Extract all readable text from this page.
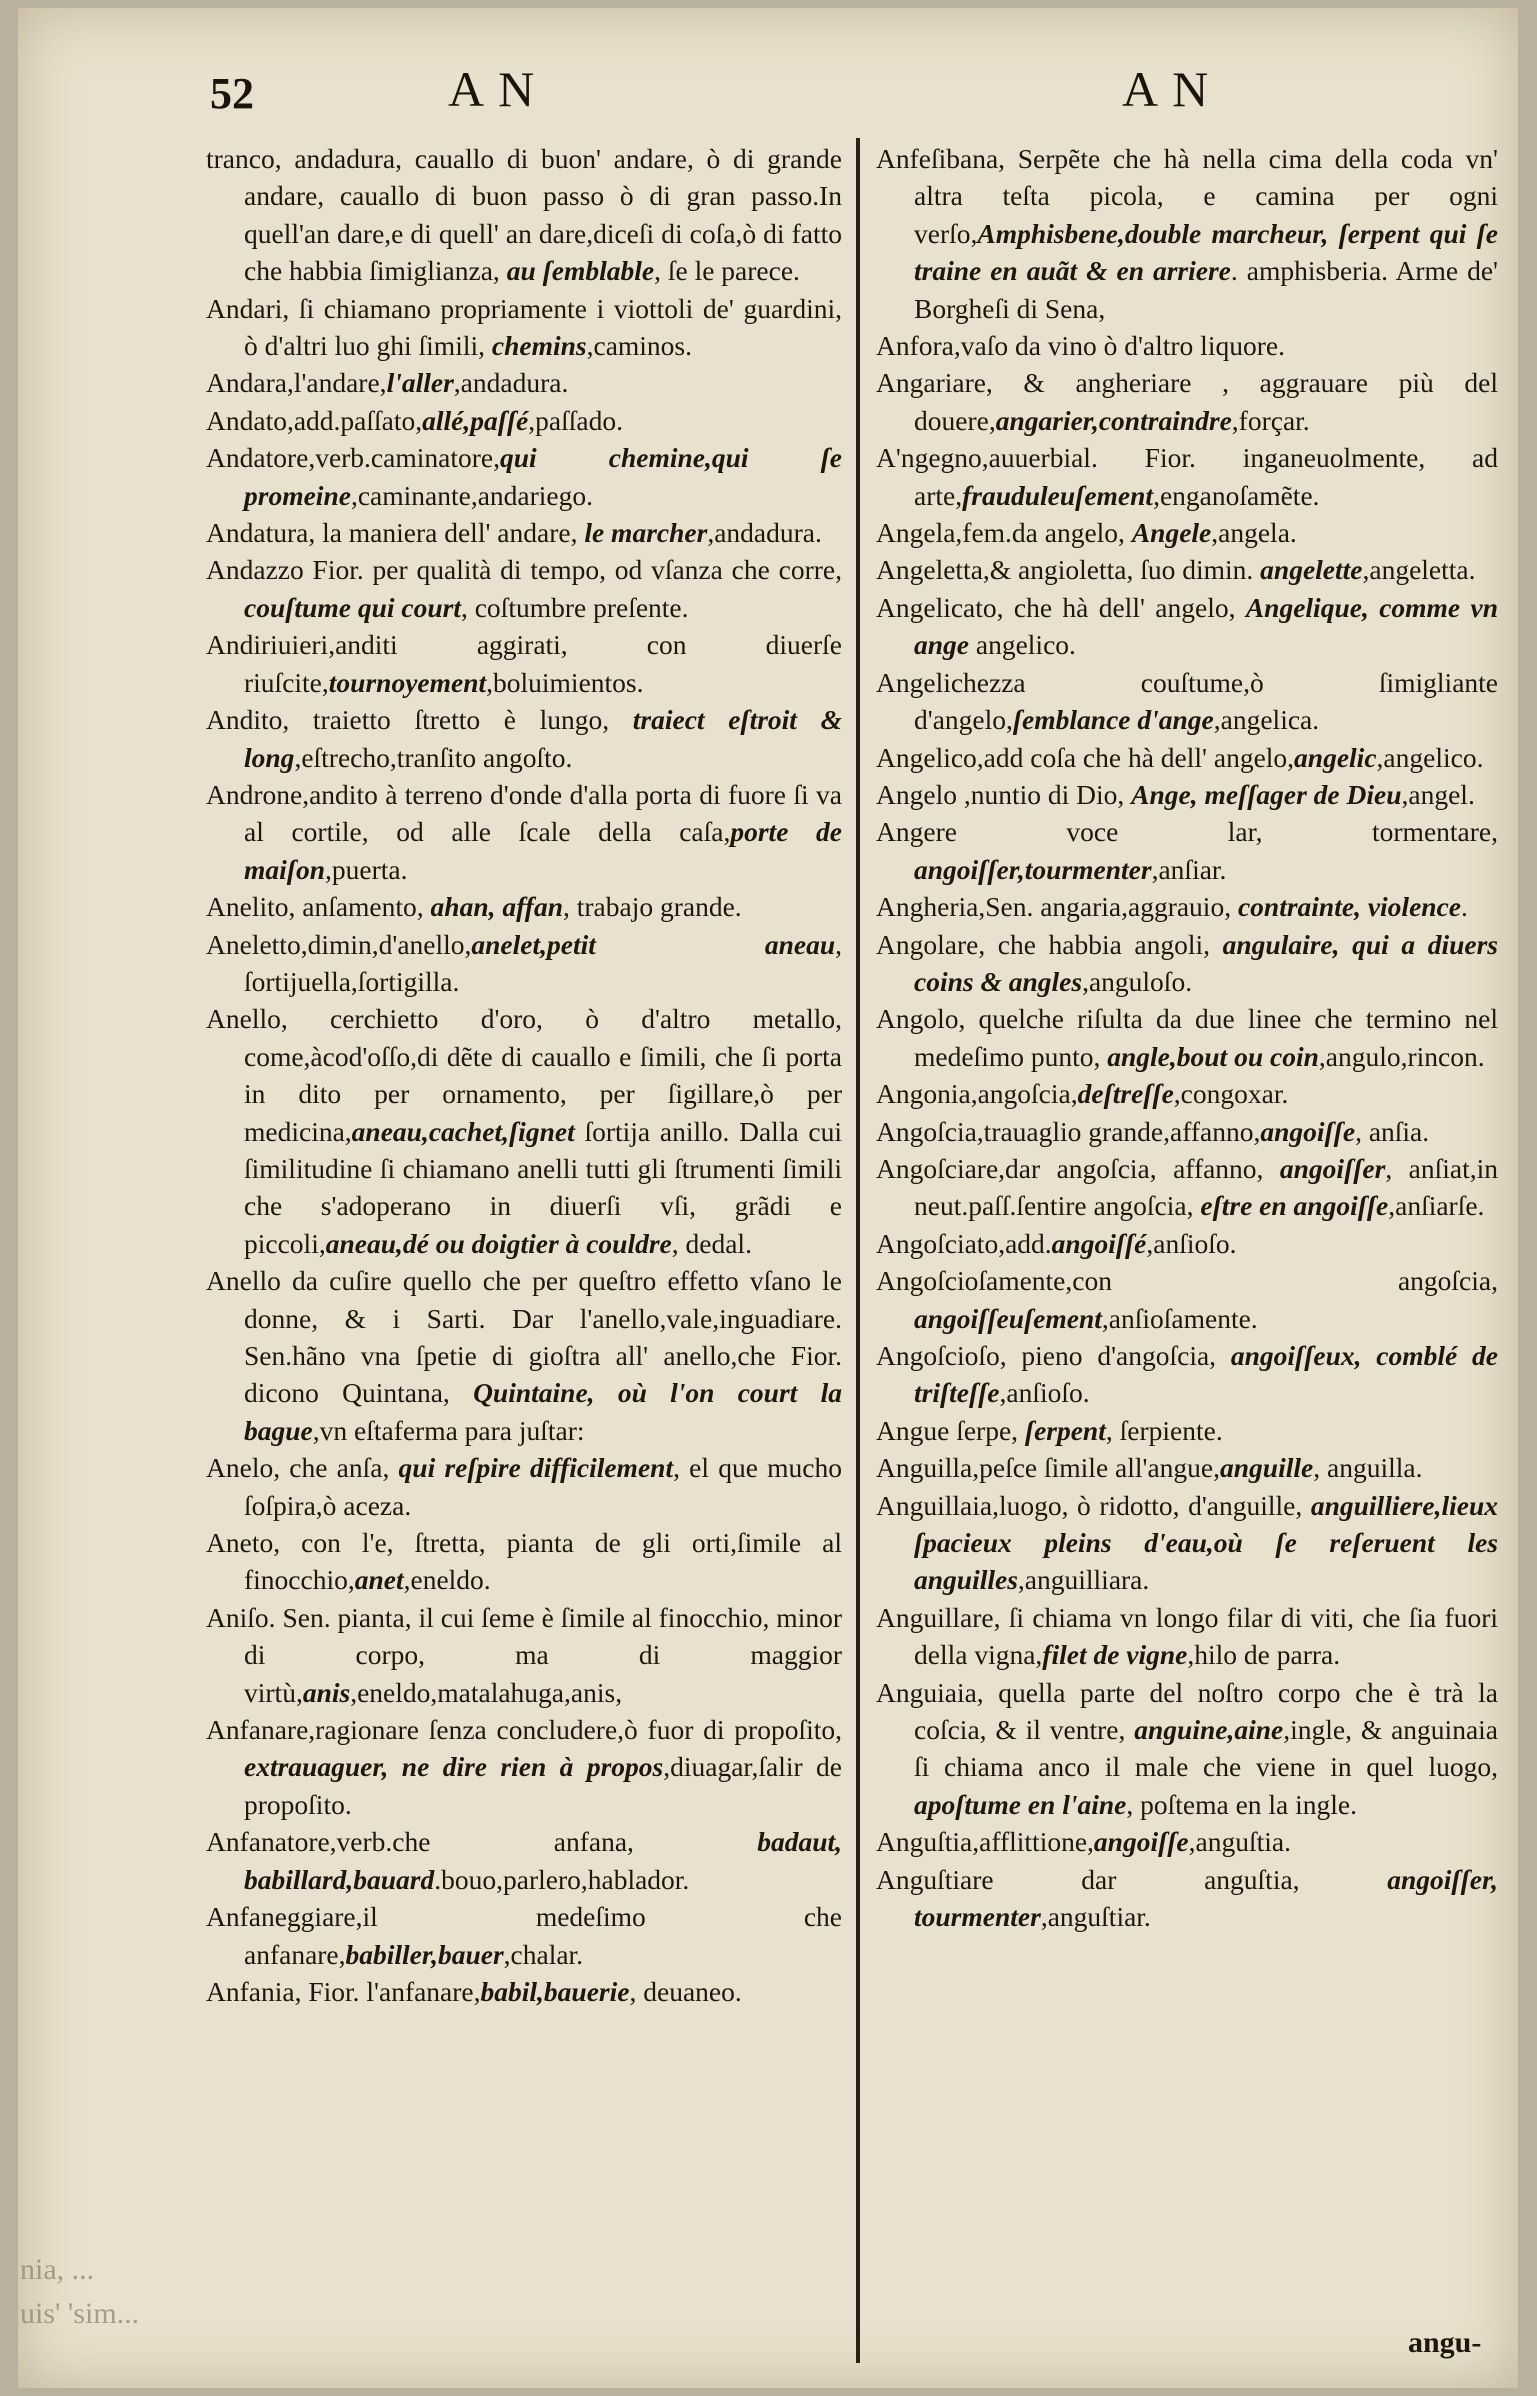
nia, ...
uis' 'sim...
52	AN	AN

tranco, andadura, cauallo di buon' andare, ò di grande andare, cauallo di buon passo ò di gran passo.In quell'an dare,e di quell' an dare,diceſi di coſa,ò di fatto che habbia ſimiglianza, au ſemblable, ſe le parece.

Andari, ſi chiamano propriamente i viottoli de' guardini, ò d'altri luo ghi ſimili, chemins,caminos.

Andara,l'andare,l'aller,andadura.

Andato,add.paſſato,allé,paſſé,paſſado.

Andatore,verb.caminatore,qui chemine,qui ſe promeine,caminante,andariego.

Andatura, la maniera dell' andare, le marcher,andadura.

Andazzo Fior. per qualità di tempo, od vſanza che corre, couſtume qui court, coſtumbre preſente.

Andiriuieri,anditi aggirati, con diuerſe riuſcite,tournoyement,boluimientos.

Andito, traietto ſtretto è lungo, traiect eſtroit & long,eſtrecho,tranſito angoſto.

Androne,andito à terreno d'onde d'alla porta di fuore ſi va al cortile, od alle ſcale della caſa,porte de maiſon,puerta.

Anelito, anſamento, ahan, affan, trabajo grande.

Aneletto,dimin,d'anello,anelet,petit aneau, ſortijuella,ſortigilla.

Anello, cerchietto d'oro, ò d'altro metallo, come,àcod'oſſo,di dẽte di cauallo e ſimili, che ſi porta in dito per ornamento, per ſigillare,ò per medicina,aneau,cachet,ſignet ſortija anillo. Dalla cui ſimilitudine ſi chiamano anelli tutti gli ſtrumenti ſimili che s'adoperano in diuerſi vſi, grãdi e piccoli,aneau,dé ou doigtier à couldre, dedal.

Anello da cuſire quello che per queſtro effetto vſano le donne, & i Sarti. Dar l'anello,vale,inguadiare. Sen.hãno vna ſpetie di gioſtra all' anello,che Fior. dicono Quintana, Quintaine, où l'on court la bague,vn eſtaferma para juſtar:

Anelo, che anſa, qui reſpire difficilement, el que mucho ſoſpira,ò aceza.

Aneto, con l'e, ſtretta, pianta de gli orti,ſimile al finocchio,anet,eneldo.

Aniſo. Sen. pianta, il cui ſeme è ſimile al finocchio, minor di corpo, ma di maggior virtù,anis,eneldo,matalahuga,anis,

Anfanare,ragionare ſenza concludere,ò fuor di propoſito, extrauaguer, ne dire rien à propos,diuagar,ſalir de propoſito.

Anfanatore,verb.che anfana, badaut, babillard,bauard.bouo,parlero,hablador.

Anfaneggiare,il medeſimo che anfanare,babiller,bauer,chalar.

Anfania, Fior. l'anfanare,babil,bauerie, deuaneo.

Anfeſibana, Serpẽte che hà nella cima della coda vn' altra teſta picola, e camina per ogni verſo,Amphisbene,double marcheur, ſerpent qui ſe traine en auãt & en arriere. amphisberia. Arme de' Borgheſi di Sena,

Anfora,vaſo da vino ò d'altro liquore.

Angariare, & angheriare , aggrauare più del douere,angarier,contraindre,forçar.

A'ngegno,auuerbial. Fior. inganeuolmente, ad arte,frauduleuſement,enganoſamẽte.

Angela,fem.da angelo, Angele,angela.

Angeletta,& angioletta, ſuo dimin. angelette,angeletta.

Angelicato, che hà dell' angelo, Angelique, comme vn ange angelico.

Angelichezza couſtume,ò ſimigliante d'angelo,ſemblance d'ange,angelica.

Angelico,add coſa che hà dell' angelo,angelic,angelico.

Angelo ,nuntio di Dio, Ange, meſſager de Dieu,angel.

Angere voce lar, tormentare, angoiſſer,tourmenter,anſiar.

Angheria,Sen. angaria,aggrauio, contrainte, violence.

Angolare, che habbia angoli, angulaire, qui a diuers coins & angles,anguloſo.

Angolo, quelche riſulta da due linee che termino nel medeſimo punto, angle,bout ou coin,angulo,rincon.

Angonia,angoſcia,deſtreſſe,congoxar.

Angoſcia,trauaglio grande,affanno,angoiſſe, anſia.

Angoſciare,dar angoſcia, affanno, angoiſſer, anſiat,in neut.paſſ.ſentire angoſcia, eſtre en angoiſſe,anſiarſe.

Angoſciato,add.angoiſſé,anſioſo.

Angoſcioſamente,con angoſcia, angoiſſeuſement,anſioſamente.

Angoſcioſo, pieno d'angoſcia, angoiſſeux, comblé de triſteſſe,anſioſo.

Angue ſerpe, ſerpent, ſerpiente.

Anguilla,peſce ſimile all'angue,anguille, anguilla.

Anguillaia,luogo, ò ridotto, d'anguille, anguilliere,lieux ſpacieux pleins d'eau,où ſe reſeruent les anguilles,anguilliara.

Anguillare, ſi chiama vn longo filar di viti, che ſia fuori della vigna,filet de vigne,hilo de parra.

Anguiaia, quella parte del noſtro corpo che è trà la coſcia, & il ventre, anguine,aine,ingle, & anguinaia ſi chiama anco il male che viene in quel luogo, apoſtume en l'aine, poſtema en la ingle.

Anguſtia,afflittione,angoiſſe,anguſtia.

Anguſtiare dar anguſtia, angoiſſer, tourmenter,anguſtiar.

angu-
